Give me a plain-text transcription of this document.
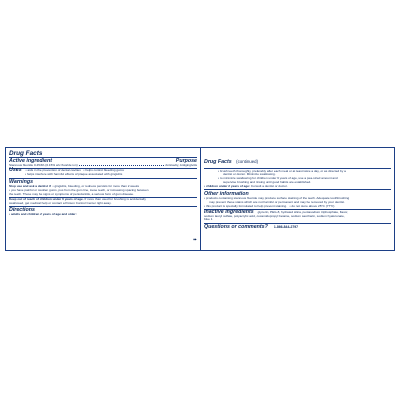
Drug Facts
Active ingredient	Purpose
Stannous fluoride 0.454% (0.15% w/v fluoride ion)	Anticavity, Antigingivitis
Uses • aids in the prevention of dental cavities • helps control bleeding gums
• helps interfere with harmful effects of plaque associated with gingivitis
Warnings
Stop use and ask a dentist if • gingivitis, bleeding, or redness persists for more than 2 weeks
• you have painful or swollen gums, pus from the gum line, loose teeth, or increasing spacing between
the teeth. These may be signs or symptoms of periodontitis, a serious form of gum disease.
Keep out of reach of children under 6 years of age. If more than used for brushing is accidentally
swallowed, get medical help or contact a Poison Control Center right away.
Directions
• adults and children 2 years of age and older:
➠
Drug Facts (continued)
• brush teeth thoroughly, preferably after each meal or at least twice a day, or as directed by a
dentist or doctor. Minimize swallowing.
• to minimize swallowing for children under 6 years of age, use a pea-sized amount and
supervise brushing and rinsing until good habits are established.
• children under 2 years of age: Consult a dentist or doctor.
Other information
• products containing stannous fluoride may produce surface staining of the teeth. Adequate toothbrushing
may prevent these stains which are not harmful or permanent and may be removed by your dentist.
• this product is specially formulated to help prevent staining. • do not store above 25°C (77°F)
Inactive ingredients glycerin, PEG-8, hydrated silica, pentasodium triphosphate, flavor,
sodium lauryl sulfate, polyacrylic acid, cocamidopropyl betaine, sodium saccharin, sodium hyaluronate,
blue 1
Questions or comments? 1-866-844-2797
